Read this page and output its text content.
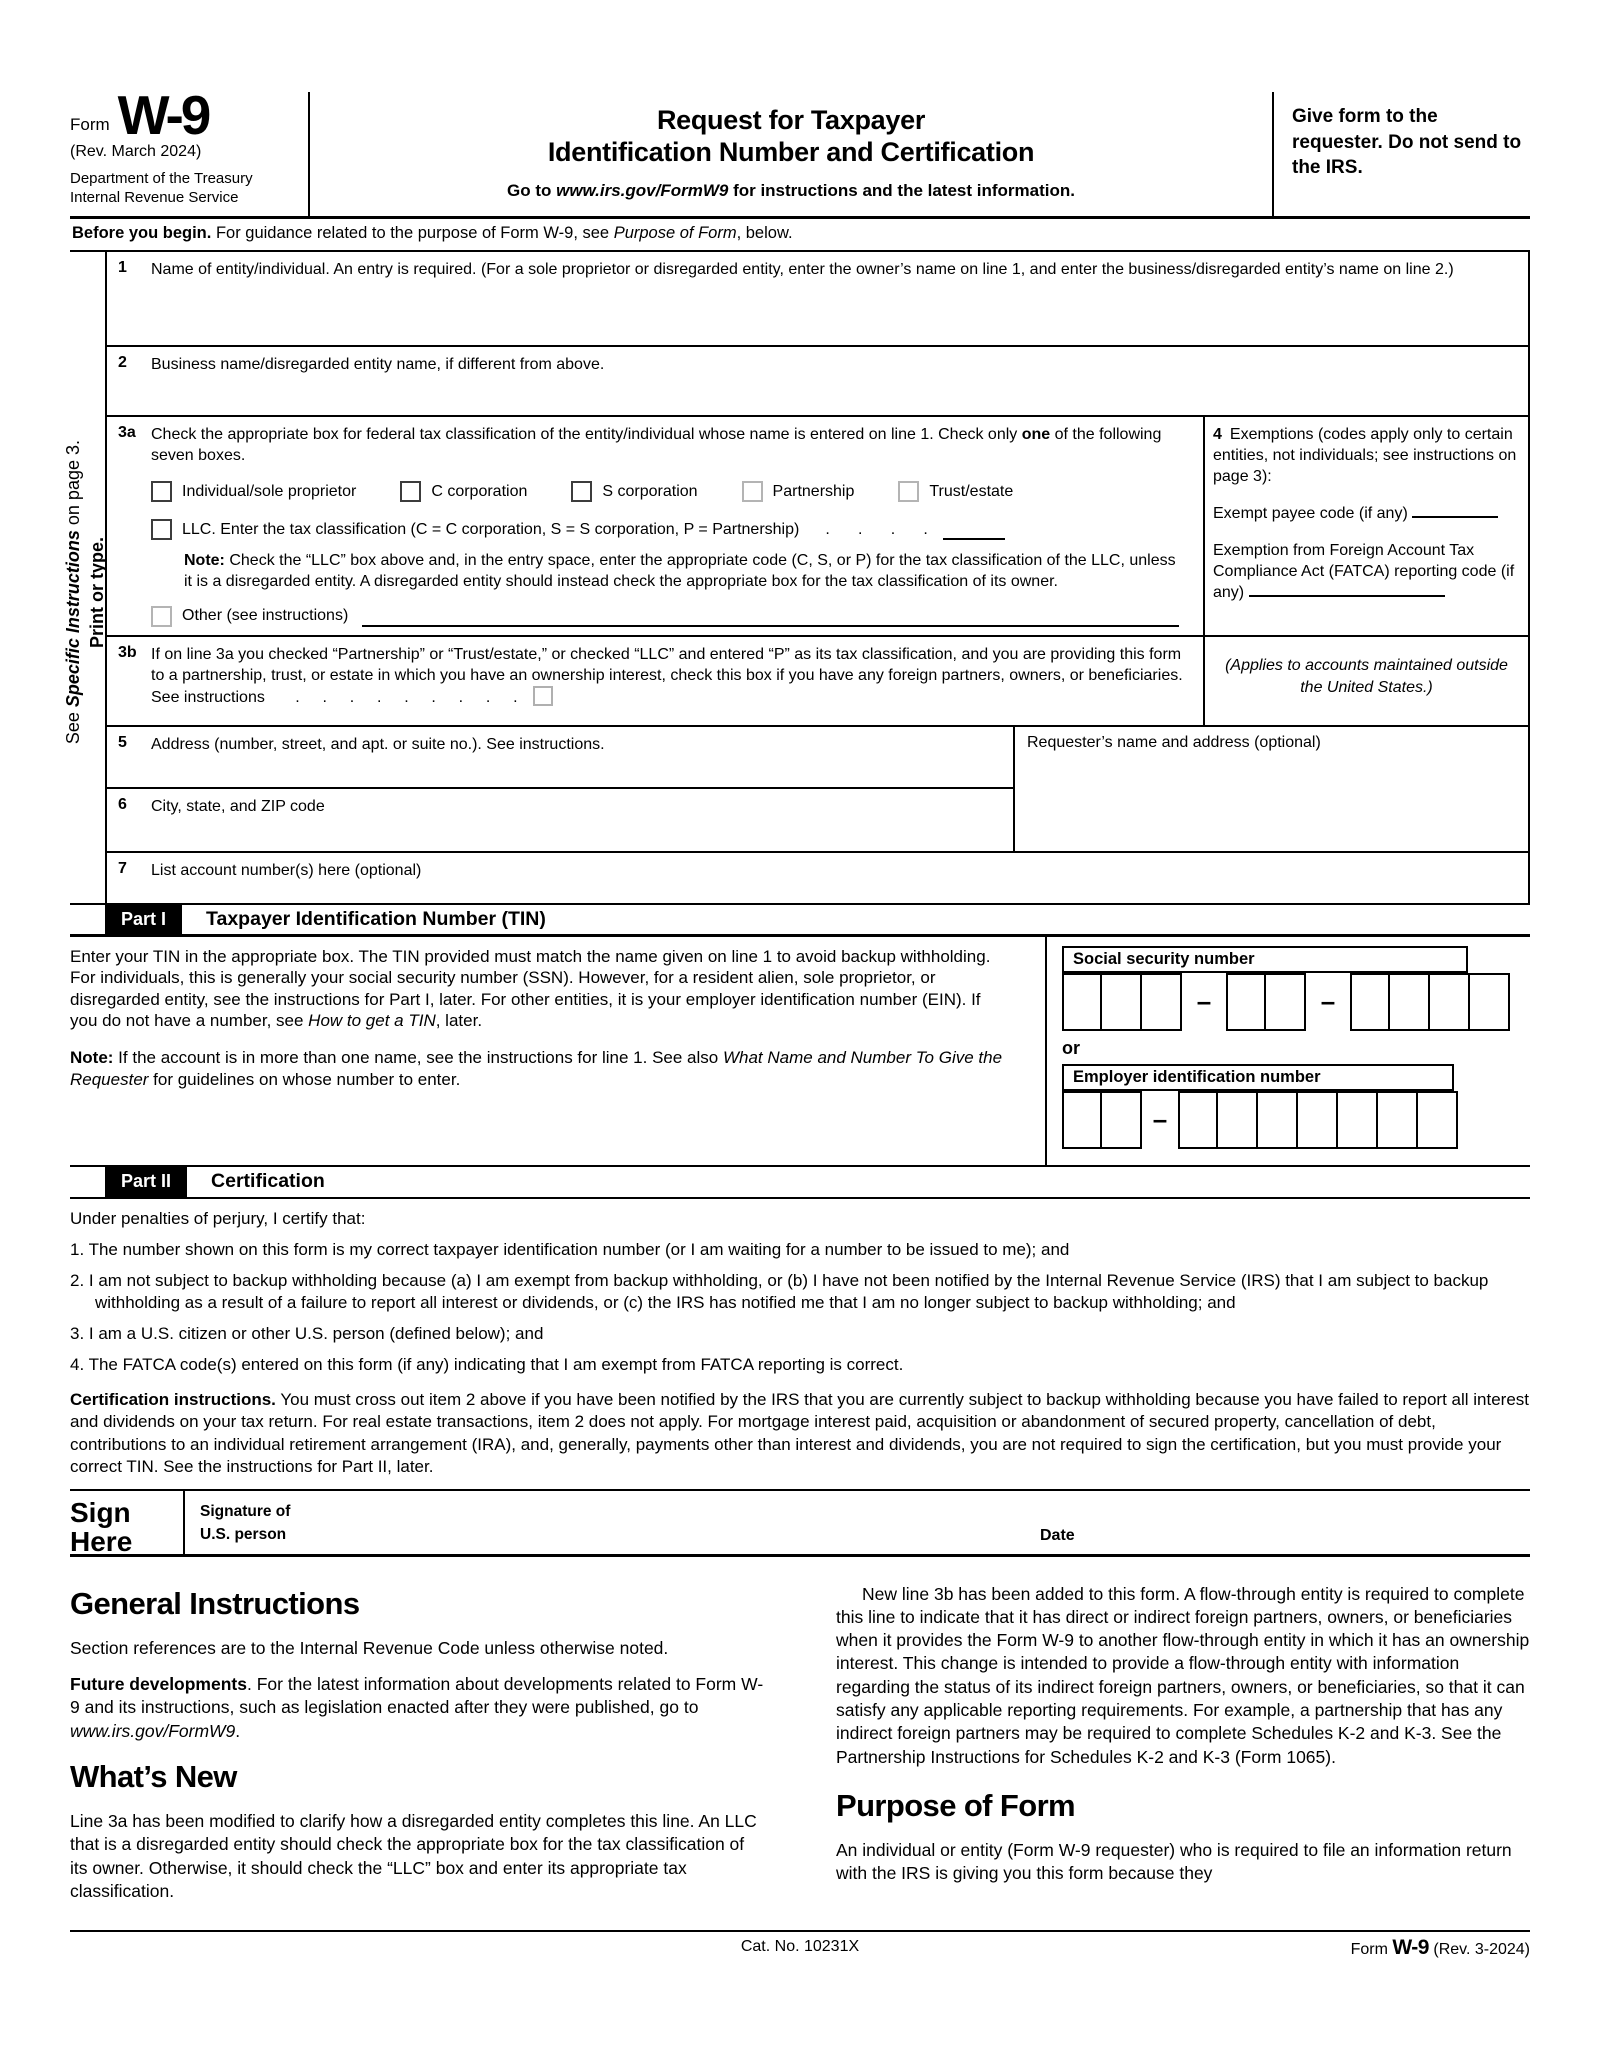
Form W-9
(Rev. March 2024)
Department of the Treasury
Internal Revenue Service
Request for Taxpayer
Identification Number and Certification
Go to www.irs.gov/FormW9 for instructions and the latest information.
Give form to the requester. Do not send to the IRS.
Before you begin. For guidance related to the purpose of Form W-9, see Purpose of Form, below.
See Specific Instructions on page 3.
Print or type.
1	Name of entity/individual. An entry is required. (For a sole proprietor or disregarded entity, enter the owner’s name on line 1, and enter the business/disregarded entity’s name on line 2.)
2	Business name/disregarded entity name, if different from above.
3a Check the appropriate box for federal tax classification of the entity/individual whose name is entered on line 1. Check only one of the following seven boxes.
Individual/sole proprietor	C corporation	S corporation	Partnership	Trust/estate
LLC. Enter the tax classification (C = C corporation, S = S corporation, P = Partnership) .     .     .     .
Note: Check the “LLC” box above and, in the entry space, enter the appropriate code (C, S, or P) for the tax classification of the LLC, unless it is a disregarded entity. A disregarded entity should instead check the appropriate box for the tax classification of its owner.
Other (see instructions)
3b If on line 3a you checked “Partnership” or “Trust/estate,” or checked “LLC” and entered “P” as its tax classification, and you are providing this form to a partnership, trust, or estate in which you have an ownership interest, check this box if you have any foreign partners, owners, or beneficiaries. See instructions .    .    .    .    .    .    .    .    .
4 Exemptions (codes apply only to certain entities, not individuals; see instructions on page 3):
Exempt payee code (if any)
Exemption from Foreign Account Tax Compliance Act (FATCA) reporting code (if any)
(Applies to accounts maintained outside the United States.)
5	Address (number, street, and apt. or suite no.). See instructions.
6	City, state, and ZIP code
Requester’s name and address (optional)
7	List account number(s) here (optional)
Part I	Taxpayer Identification Number (TIN)

Enter your TIN in the appropriate box. The TIN provided must match the name given on line 1 to avoid backup withholding. For individuals, this is generally your social security number (SSN). However, for a resident alien, sole proprietor, or disregarded entity, see the instructions for Part I, later. For other entities, it is your employer identification number (EIN). If you do not have a number, see How to get a TIN, later.

Note: If the account is in more than one name, see the instructions for line 1. See also What Name and Number To Give the Requester for guidelines on whose number to enter.

Social security number
–	–
or
Employer identification number
–
Part II	Certification
Under penalties of perjury, I certify that:
1. The number shown on this form is my correct taxpayer identification number (or I am waiting for a number to be issued to me); and
2. I am not subject to backup withholding because (a) I am exempt from backup withholding, or (b) I have not been notified by the Internal Revenue Service (IRS) that I am subject to backup withholding as a result of a failure to report all interest or dividends, or (c) the IRS has notified me that I am no longer subject to backup withholding; and
3. I am a U.S. citizen or other U.S. person (defined below); and
4. The FATCA code(s) entered on this form (if any) indicating that I am exempt from FATCA reporting is correct.
Certification instructions. You must cross out item 2 above if you have been notified by the IRS that you are currently subject to backup withholding because you have failed to report all interest and dividends on your tax return. For real estate transactions, item 2 does not apply. For mortgage interest paid, acquisition or abandonment of secured property, cancellation of debt, contributions to an individual retirement arrangement (IRA), and, generally, payments other than interest and dividends, you are not required to sign the certification, but you must provide your correct TIN. See the instructions for Part II, later.
Sign
Here
Signature of
U.S. person	Date
General Instructions

Section references are to the Internal Revenue Code unless otherwise noted.

Future developments. For the latest information about developments related to Form W-9 and its instructions, such as legislation enacted after they were published, go to www.irs.gov/FormW9.

What’s New

Line 3a has been modified to clarify how a disregarded entity completes this line. An LLC that is a disregarded entity should check the appropriate box for the tax classification of its owner. Otherwise, it should check the “LLC” box and enter its appropriate tax classification.

New line 3b has been added to this form. A flow-through entity is required to complete this line to indicate that it has direct or indirect foreign partners, owners, or beneficiaries when it provides the Form W-9 to another flow-through entity in which it has an ownership interest. This change is intended to provide a flow-through entity with information regarding the status of its indirect foreign partners, owners, or beneficiaries, so that it can satisfy any applicable reporting requirements. For example, a partnership that has any indirect foreign partners may be required to complete Schedules K-2 and K-3. See the Partnership Instructions for Schedules K-2 and K-3 (Form 1065).

Purpose of Form

An individual or entity (Form W-9 requester) who is required to file an information return with the IRS is giving you this form because they

Cat. No. 10231X	Form W-9 (Rev. 3-2024)
